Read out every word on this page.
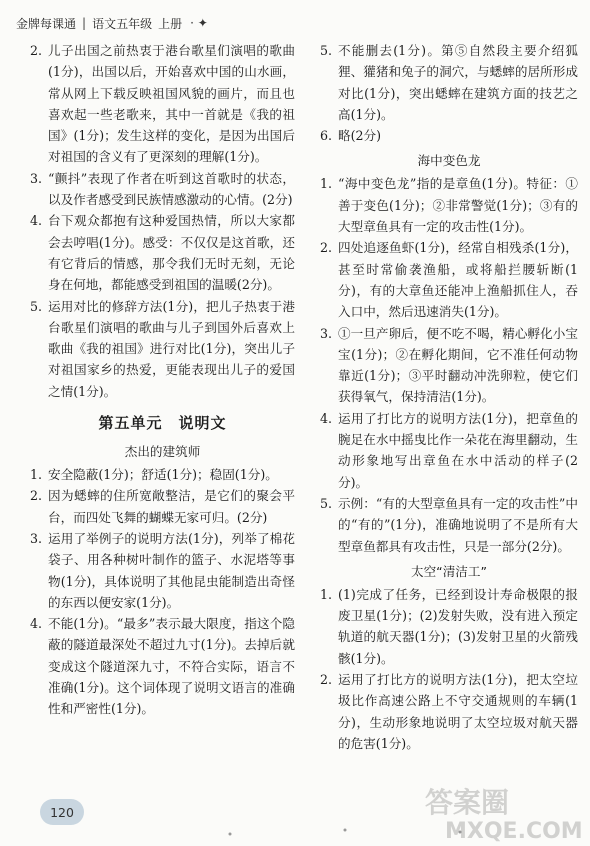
金牌每课通 | 语文五年级 上册 · ✦
2. 儿子出国之前热衷于港台歌星们演唱的歌曲(1分)，出国以后，开始喜欢中国的山水画，常从网上下载反映祖国风貌的画片，而且也喜欢起一些老歌来，其中一首就是《我的祖国》(1分)；发生这样的变化，是因为出国后对祖国的含义有了更深刻的理解(1分)。
3. “颤抖”表现了作者在听到这首歌时的状态，以及作者感受到民族情感激动的心情。(2分)
4. 台下观众都抱有这种爱国热情，所以大家都会去哼唱(1分)。感受：不仅仅是这首歌，还有它背后的情感，那令我们无时无刻，无论身在何地，都能感受到祖国的温暖(2分)。
5. 运用对比的修辞方法(1分)，把儿子热衷于港台歌星们演唱的歌曲与儿子到国外后喜欢上歌曲《我的祖国》进行对比(1分)，突出儿子对祖国家乡的热爱，更能表现出儿子的爱国之情(1分)。
第五单元　说明文
杰出的建筑师
1. 安全隐蔽(1分)；舒适(1分)；稳固(1分)。
2. 因为蟋蟀的住所宽敞整洁，是它们的聚会平台，而四处飞舞的蝴蝶无家可归。(2分)
3. 运用了举例子的说明方法(1分)，列举了棉花袋子、用各种树叶制作的篮子、水泥塔等事物(1分)，具体说明了其他昆虫能制造出奇怪的东西以便安家(1分)。
4. 不能(1分)。“最多”表示最大限度，指这个隐蔽的隧道最深处不超过九寸(1分)。去掉后就变成这个隧道深九寸，不符合实际，语言不准确(1分)。这个词体现了说明文语言的准确性和严密性(1分)。
5. 不能删去(1分)。第⑤自然段主要介绍狐狸、獾猪和兔子的洞穴，与蟋蟀的居所形成对比(1分)，突出蟋蟀在建筑方面的技艺之高(1分)。
6. 略(2分)
海中变色龙
1. “海中变色龙”指的是章鱼(1分)。特征：①善于变色(1分)；②非常警觉(1分)；③有的大型章鱼具有一定的攻击性(1分)。
2. 四处追逐鱼虾(1分)，经常自相残杀(1分)，甚至时常偷袭渔船，或将船拦腰斩断(1分)，有的大章鱼还能冲上渔船抓住人，吞入口中，然后迅速消失(1分)。
3. ①一旦产卵后，便不吃不喝，精心孵化小宝宝(1分)；②在孵化期间，它不准任何动物靠近(1分)；③平时翻动冲洗卵粒，使它们获得氧气，保持清洁(1分)。
4. 运用了打比方的说明方法(1分)，把章鱼的腕足在水中摇曳比作一朵花在海里翻动，生动形象地写出章鱼在水中活动的样子(2分)。
5. 示例：“有的大型章鱼具有一定的攻击性”中的“有的”(1分)，准确地说明了不是所有大型章鱼都具有攻击性，只是一部分(2分)。
太空“清洁工”
1. (1)完成了任务，已经到设计寿命极限的报废卫星(1分)；(2)发射失败，没有进入预定轨道的航天器(1分)；(3)发射卫星的火箭残骸(1分)。
2. 运用了打比方的说明方法(1分)，把太空垃圾比作高速公路上不守交通规则的车辆(1分)，生动形象地说明了太空垃圾对航天器的危害(1分)。
120	答案圈
MXQE.COM
